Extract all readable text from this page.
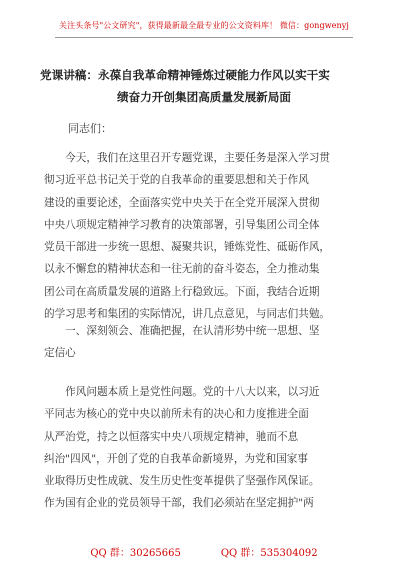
关注头条号"公文研究"，获得最新最全最专业的公文资料库！ 微信：gongwenyj
党课讲稿：永葆自我革命精神锤炼过硬能力作风以实干实
绩奋力开创集团高质量发展新局面
同志们：
　　今天，我们在这里召开专题党课，主要任务是深入学习贯
彻习近平总书记关于党的自我革命的重要思想和关于作风
建设的重要论述，全面落实党中央关于在全党开展深入贯彻
中央八项规定精神学习教育的决策部署，引导集团公司全体
党员干部进一步统一思想、凝聚共识，锤炼党性、砥砺作风，
以永不懈怠的精神状态和一往无前的奋斗姿态，全力推动集
团公司在高质量发展的道路上行稳致远。下面，我结合近期
的学习思考和集团的实际情况，讲几点意见，与同志们共勉。
　　一、深刻领会、准确把握，在认清形势中统一思想、坚
定信心
　　作风问题本质上是党性问题。党的十八大以来，以习近
平同志为核心的党中央以前所未有的决心和力度推进全面
从严治党，持之以恒落实中央八项规定精神，驰而不息
纠治"四风"，开创了党的自我革命新境界，为党和国家事
业取得历史性成就、发生历史性变革提供了坚强作风保证。
作为国有企业的党员领导干部，我们必须站在坚定拥护"两
QQ 群：30265665	QQ 群：535304092
